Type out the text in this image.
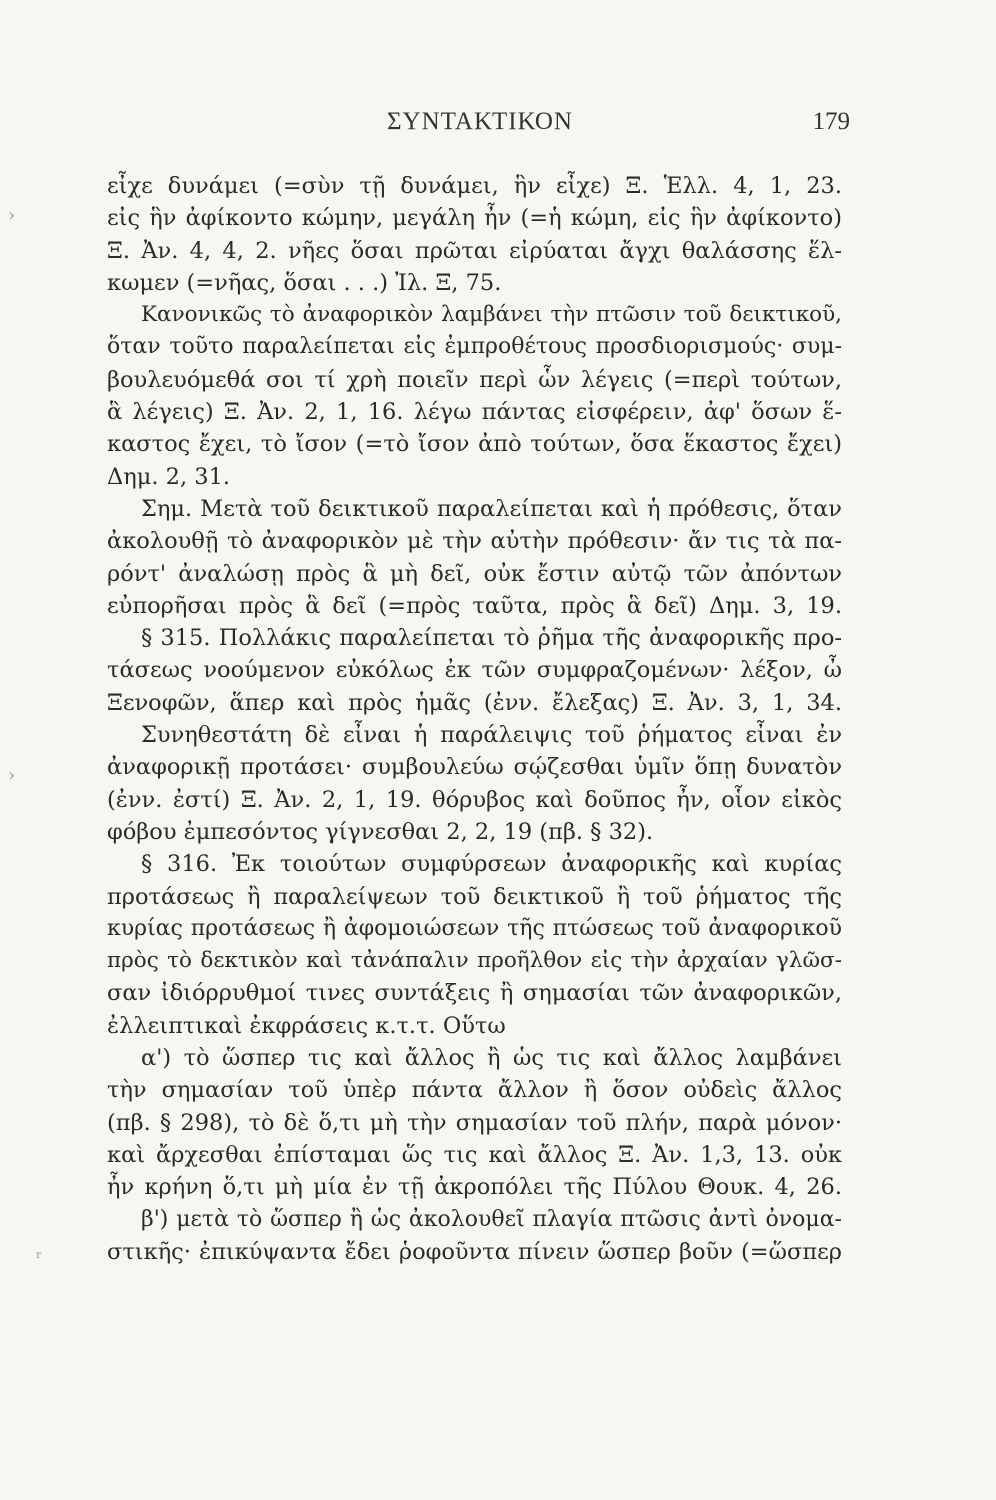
ΣΥΝΤΑΚΤΙΚΟΝ	179
›
›
ʳ
εἶχε δυνάμει (=σὺν τῇ δυνάμει, ἣν εἶχε) Ξ. Ἑλλ. 4, 1, 23.
εἰς ἣν ἀφίκοντο κώμην, μεγάλη ἦν (=ἡ κώμη, εἰς ἣν ἀφίκοντο)
Ξ. Ἀν. 4, 4, 2. νῆες ὅσαι πρῶται εἰρύαται ἄγχι θαλάσσης ἕλ-
κωμεν (=νῆας, ὅσαι . . .) Ἰλ. Ξ, 75.
Κανονικῶς τὸ ἀναφορικὸν λαμβάνει τὴν πτῶσιν τοῦ δεικτικοῦ,
ὅταν τοῦτο παραλείπεται εἰς ἐμπροθέτους προσδιορισμούς· συμ-
βουλευόμεθά σοι τί χρὴ ποιεῖν περὶ ὧν λέγεις (=περὶ τούτων,
ἃ λέγεις) Ξ. Ἀν. 2, 1, 16. λέγω πάντας εἰσφέρειν, ἀφ' ὅσων ἕ-
καστος ἔχει, τὸ ἴσον (=τὸ ἴσον ἀπὸ τούτων, ὅσα ἕκαστος ἔχει)
Δημ. 2, 31.
Σημ. Μετὰ τοῦ δεικτικοῦ παραλείπεται καὶ ἡ πρόθεσις, ὅταν
ἀκολουθῇ τὸ ἀναφορικὸν μὲ τὴν αὐτὴν πρόθεσιν· ἄν τις τὰ πα-
ρόντ' ἀναλώσῃ πρὸς ἃ μὴ δεῖ, οὐκ ἔστιν αὐτῷ τῶν ἀπόντων
εὐπορῆσαι πρὸς ἃ δεῖ (=πρὸς ταῦτα, πρὸς ἃ δεῖ) Δημ. 3, 19.
§ 315. Πολλάκις παραλείπεται τὸ ῥῆμα τῆς ἀναφορικῆς προ-
τάσεως νοούμενον εὐκόλως ἐκ τῶν συμφραζομένων· λέξον, ὦ
Ξενοφῶν, ἅπερ καὶ πρὸς ἡμᾶς (ἐνν. ἔλεξας) Ξ. Ἀν. 3, 1, 34.
Συνηθεστάτη δὲ εἶναι ἡ παράλειψις τοῦ ῥήματος εἶναι ἐν
ἀναφορικῇ προτάσει· συμβουλεύω σῴζεσθαι ὑμῖν ὅπῃ δυνατὸν
(ἐνν. ἐστί) Ξ. Ἀν. 2, 1, 19. θόρυβος καὶ δοῦπος ἦν, οἷον εἰκὸς
φόβου ἐμπεσόντος γίγνεσθαι 2, 2, 19 (πβ. § 32).
§ 316. Ἐκ τοιούτων συμφύρσεων ἀναφορικῆς καὶ κυρίας
προτάσεως ἢ παραλείψεων τοῦ δεικτικοῦ ἢ τοῦ ῥήματος τῆς
κυρίας προτάσεως ἢ ἀφομοιώσεων τῆς πτώσεως τοῦ ἀναφορικοῦ
πρὸς τὸ δεκτικὸν καὶ τἀνάπαλιν προῆλθον εἰς τὴν ἀρχαίαν γλῶσ-
σαν ἰδιόρρυθμοί τινες συντάξεις ἢ σημασίαι τῶν ἀναφορικῶν,
ἐλλειπτικαὶ ἐκφράσεις κ.τ.τ. Οὕτω
α') τὸ ὥσπερ τις καὶ ἄλλος ἢ ὡς τις καὶ ἄλλος λαμβάνει
τὴν σημασίαν τοῦ ὑπὲρ πάντα ἄλλον ἢ ὅσον οὐδεὶς ἄλλος
(πβ. § 298), τὸ δὲ ὅ,τι μὴ τὴν σημασίαν τοῦ πλήν, παρὰ μόνον·
καὶ ἄρχεσθαι ἐπίσταμαι ὥς τις καὶ ἄλλος Ξ. Ἀν. 1,3, 13. οὐκ
ἦν κρήνη ὅ,τι μὴ μία ἐν τῇ ἀκροπόλει τῆς Πύλου Θουκ. 4, 26.
β') μετὰ τὸ ὥσπερ ἢ ὡς ἀκολουθεῖ πλαγία πτῶσις ἀντὶ ὀνομα-
στικῆς· ἐπικύψαντα ἔδει ῥοφοῦντα πίνειν ὥσπερ βοῦν (=ὥσπερ
